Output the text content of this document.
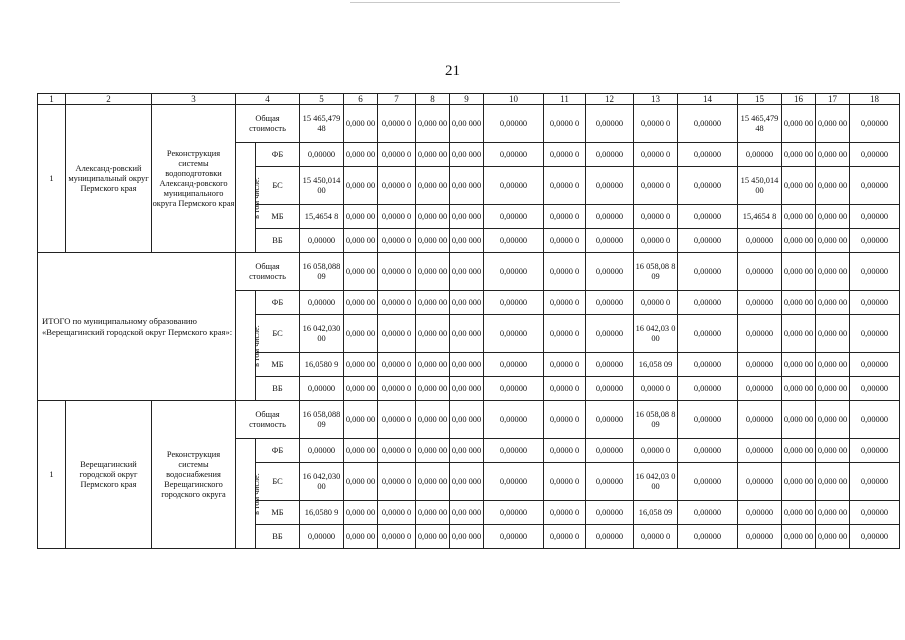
21
1	2	3	4		5	6	7	8	9	10	11	12	13	14	15	16	17	18
1	Александ-ровский муниципальный округ Пермского края	Реконструкция системы водоподготовки Александ-ровского муниципального округа Пермского края	Общая стоимость		15 465,479 48	0,000 00	0,0000 0	0,000 00	0,00 000	0,00000	0,0000 0	0,00000	0,0000 0	0,00000	15 465,479 48	0,000 00	0,000 00	0,00000
			в том числе:	ФБ	0,00000	0,000 00	0,0000 0	0,000 00	0,00 000	0,00000	0,0000 0	0,00000	0,0000 0	0,00000	0,00000	0,000 00	0,000 00	0,00000
				БС	15 450,014 00	0,000 00	0,0000 0	0,000 00	0,00 000	0,00000	0,0000 0	0,00000	0,0000 0	0,00000	15 450,014 00	0,000 00	0,000 00	0,00000
				МБ	15,4654 8	0,000 00	0,0000 0	0,000 00	0,00 000	0,00000	0,0000 0	0,00000	0,0000 0	0,00000	15,4654 8	0,000 00	0,000 00	0,00000
				ВБ	0,00000	0,000 00	0,0000 0	0,000 00	0,00 000	0,00000	0,0000 0	0,00000	0,0000 0	0,00000	0,00000	0,000 00	0,000 00	0,00000
ИТОГО по муниципальному образованию «Верещагинский городской округ Пермского края»:			Общая стоимость		16 058,088 09	0,000 00	0,0000 0	0,000 00	0,00 000	0,00000	0,0000 0	0,00000	16 058,08 809	0,00000	0,00000	0,000 00	0,000 00	0,00000
			в том числе:	ФБ	0,00000	0,000 00	0,0000 0	0,000 00	0,00 000	0,00000	0,0000 0	0,00000	0,0000 0	0,00000	0,00000	0,000 00	0,000 00	0,00000
				БС	16 042,030 00	0,000 00	0,0000 0	0,000 00	0,00 000	0,00000	0,0000 0	0,00000	16 042,03 000	0,00000	0,00000	0,000 00	0,000 00	0,00000
				МБ	16,0580 9	0,000 00	0,0000 0	0,000 00	0,00 000	0,00000	0,0000 0	0,00000	16,058 09	0,00000	0,00000	0,000 00	0,000 00	0,00000
				ВБ	0,00000	0,000 00	0,0000 0	0,000 00	0,00 000	0,00000	0,0000 0	0,00000	0,0000 0	0,00000	0,00000	0,000 00	0,000 00	0,00000
1	Верещагинский городской округ Пермского края	Реконструкция системы водоснабжения Верещагинского городского округа	Общая стоимость		16 058,088 09	0,000 00	0,0000 0	0,000 00	0,00 000	0,00000	0,0000 0	0,00000	16 058,08 809	0,00000	0,00000	0,000 00	0,000 00	0,00000
			в том числе:	ФБ	0,00000	0,000 00	0,0000 0	0,000 00	0,00 000	0,00000	0,0000 0	0,00000	0,0000 0	0,00000	0,00000	0,000 00	0,000 00	0,00000
				БС	16 042,030 00	0,000 00	0,0000 0	0,000 00	0,00 000	0,00000	0,0000 0	0,00000	16 042,03 000	0,00000	0,00000	0,000 00	0,000 00	0,00000
				МБ	16,0580 9	0,000 00	0,0000 0	0,000 00	0,00 000	0,00000	0,0000 0	0,00000	16,058 09	0,00000	0,00000	0,000 00	0,000 00	0,00000
				ВБ	0,00000	0,000 00	0,0000 0	0,000 00	0,00 000	0,00000	0,0000 0	0,00000	0,0000 0	0,00000	0,00000	0,000 00	0,000 00	0,00000
